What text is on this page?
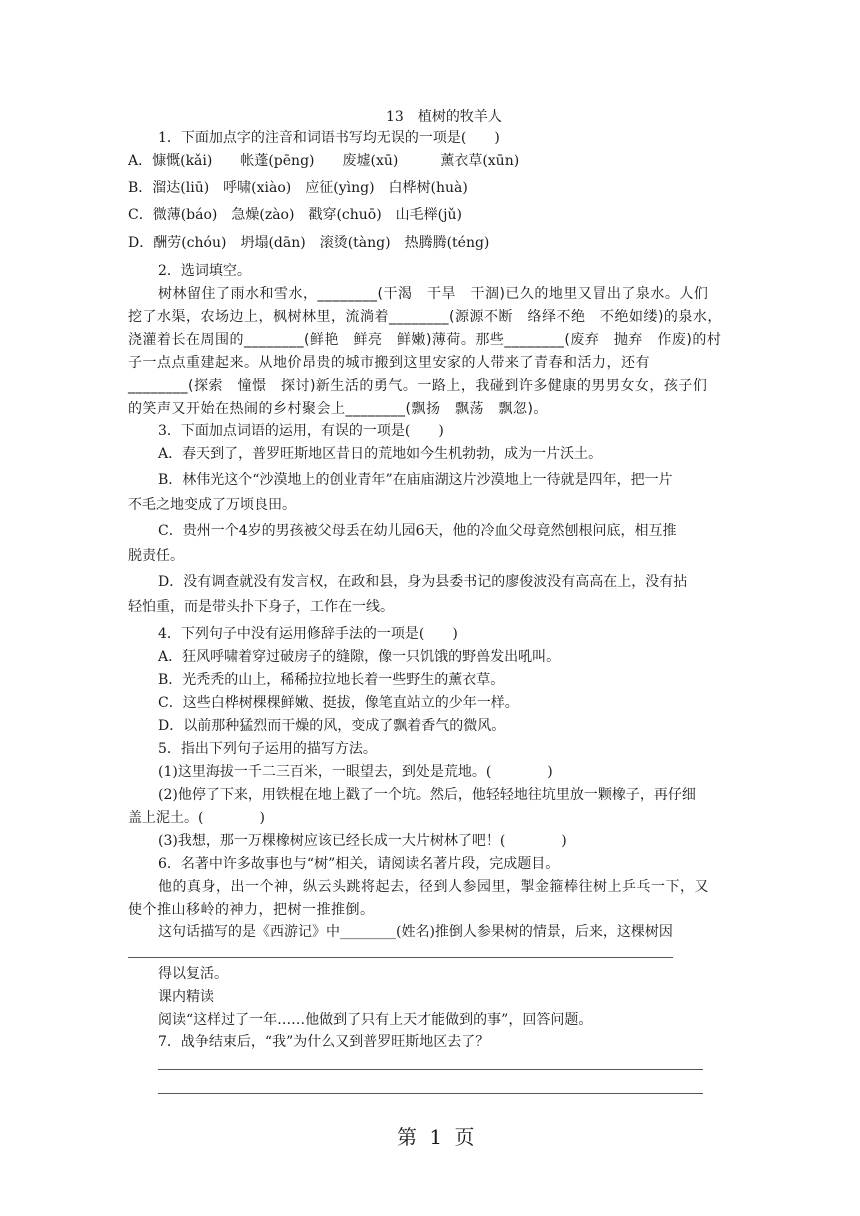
13　植树的牧羊人
1．下面加点字的注音和词语书写均无误的一项是(　　)
A．慷慨(kǎi)　　帐蓬(pēng)　　废墟(xū)　　　薰衣草(xūn)
B．溜达(liū)　呼啸(xiào)　应征(yìng)　白桦树(huà)
C．微薄(báo)　急燥(zào)　戳穿(chuō)　山毛榉(jǔ)
D．酬劳(chóu)　坍塌(dān)　滚烫(tàng)　热腾腾(téng)
2．选词填空。
树林留住了雨水和雪水，________(干渴　干旱　干涸)已久的地里又冒出了泉水。人们
挖了水渠，农场边上，枫树林里，流淌着________(源源不断　络绎不绝　不绝如缕)的泉水，
浇灌着长在周围的________(鲜艳　鲜亮　鲜嫩)薄荷。那些________(废弃　抛弃　作废)的村
子一点点重建起来。从地价昂贵的城市搬到这里安家的人带来了青春和活力，还有
________(探索　憧憬　探讨)新生活的勇气。一路上，我碰到许多健康的男男女女，孩子们
的笑声又开始在热闹的乡村聚会上________(飘扬　飘荡　飘忽)。
3．下面加点词语的运用，有误的一项是(　　)
A．春天到了，普罗旺斯地区昔日的荒地如今生机勃勃，成为一片沃土。
B．林伟光这个“沙漠地上的创业青年”在庙庙湖这片沙漠地上一待就是四年，把一片
不毛之地变成了万顷良田。
C．贵州一个4岁的男孩被父母丢在幼儿园6天，他的冷血父母竟然刨根问底，相互推
脱责任。
D．没有调查就没有发言权，在政和县，身为县委书记的廖俊波没有高高在上，没有拈
轻怕重，而是带头扑下身子，工作在一线。
4．下列句子中没有运用修辞手法的一项是(　　)
A．狂风呼啸着穿过破房子的缝隙，像一只饥饿的野兽发出吼叫。
B．光秃秃的山上，稀稀拉拉地长着一些野生的薰衣草。
C．这些白桦树棵棵鲜嫩、挺拔，像笔直站立的少年一样。
D．以前那种猛烈而干燥的风，变成了飘着香气的微风。
5．指出下列句子运用的描写方法。
(1)这里海拔一千二三百米，一眼望去，到处是荒地。(　　　　)
(2)他停了下来，用铁棍在地上戳了一个坑。然后，他轻轻地往坑里放一颗橡子，再仔细
盖上泥土。(　　　　)
(3)我想，那一万棵橡树应该已经长成一大片树林了吧！(　　　　)
6．名著中许多故事也与“树”相关，请阅读名著片段，完成题目。
他的真身，出一个神，纵云头跳将起去，径到人参园里，掣金箍棒往树上乒乓一下，又
使个推山移岭的神力，把树一推推倒。
这句话描写的是《西游记》中________(姓名)推倒人参果树的情景，后来，这棵树因
得以复活。
课内精读
阅读“这样过了一年……他做到了只有上天才能做到的事”，回答问题。
7．战争结束后，“我”为什么又到普罗旺斯地区去了？
第 1 页
